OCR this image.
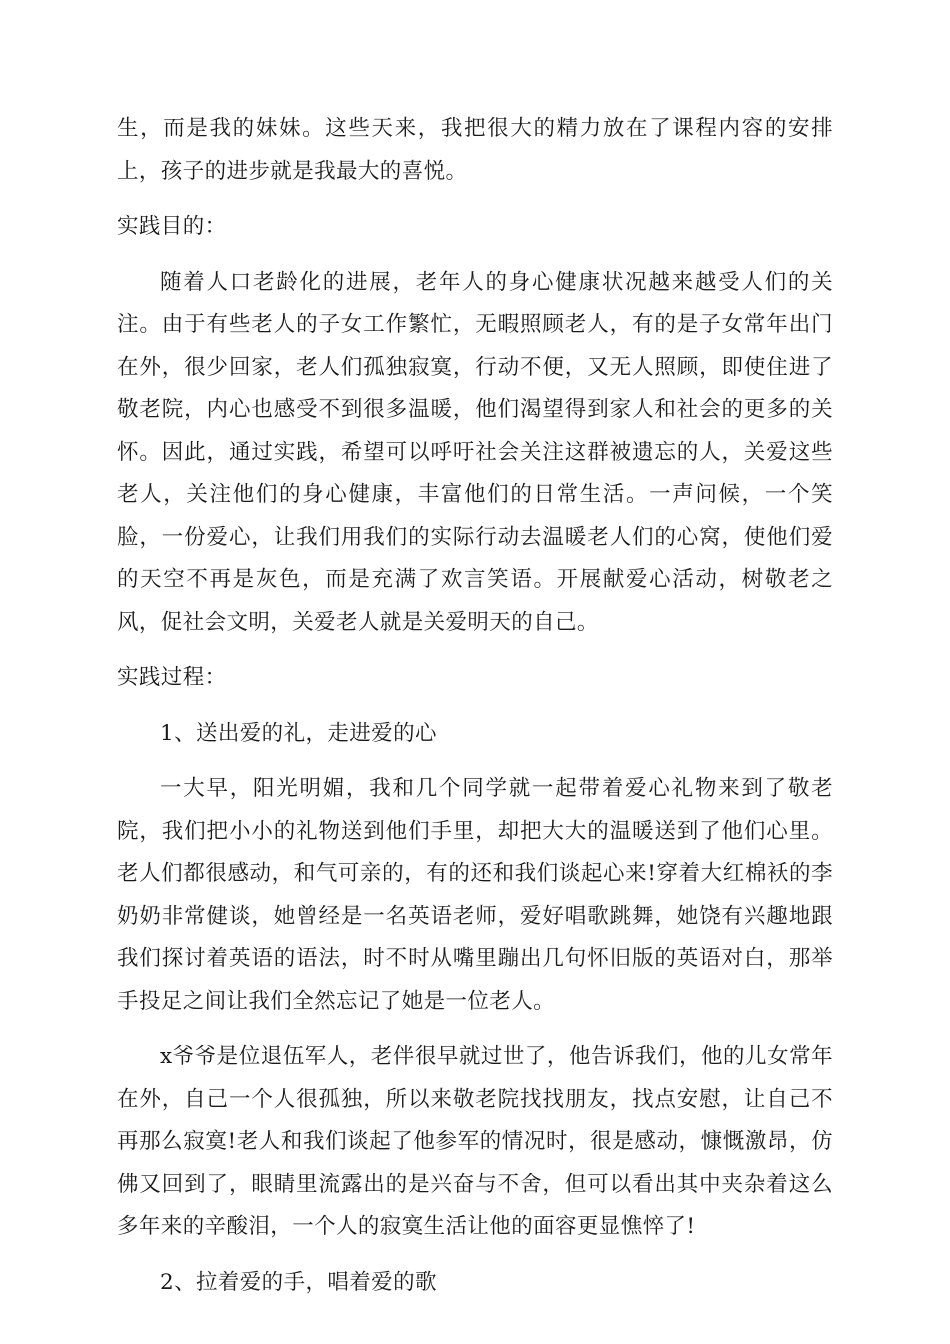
生，而是我的妹妹。这些天来，我把很大的精力放在了课程内容的安排上，孩子的进步就是我最大的喜悦。

实践目的：

随着人口老龄化的进展，老年人的身心健康状况越来越受人们的关注。由于有些老人的子女工作繁忙，无暇照顾老人，有的是子女常年出门在外，很少回家，老人们孤独寂寞，行动不便，又无人照顾，即使住进了敬老院，内心也感受不到很多温暖，他们渴望得到家人和社会的更多的关怀。因此，通过实践，希望可以呼吁社会关注这群被遗忘的人，关爱这些老人，关注他们的身心健康，丰富他们的日常生活。一声问候，一个笑脸，一份爱心，让我们用我们的实际行动去温暖老人们的心窝，使他们爱的天空不再是灰色，而是充满了欢言笑语。开展献爱心活动，树敬老之风，促社会文明，关爱老人就是关爱明天的自己。

实践过程：

1、送出爱的礼，走进爱的心

一大早，阳光明媚，我和几个同学就一起带着爱心礼物来到了敬老院，我们把小小的礼物送到他们手里，却把大大的温暖送到了他们心里。老人们都很感动，和气可亲的，有的还和我们谈起心来!穿着大红棉袄的李奶奶非常健谈，她曾经是一名英语老师，爱好唱歌跳舞，她饶有兴趣地跟我们探讨着英语的语法，时不时从嘴里蹦出几句怀旧版的英语对白，那举手投足之间让我们全然忘记了她是一位老人。

x爷爷是位退伍军人，老伴很早就过世了，他告诉我们，他的儿女常年在外，自己一个人很孤独，所以来敬老院找找朋友，找点安慰，让自己不再那么寂寞!老人和我们谈起了他参军的情况时，很是感动，慷慨激昂，仿佛又回到了，眼睛里流露出的是兴奋与不舍，但可以看出其中夹杂着这么多年来的辛酸泪，一个人的寂寞生活让他的面容更显憔悴了!

2、拉着爱的手，唱着爱的歌
